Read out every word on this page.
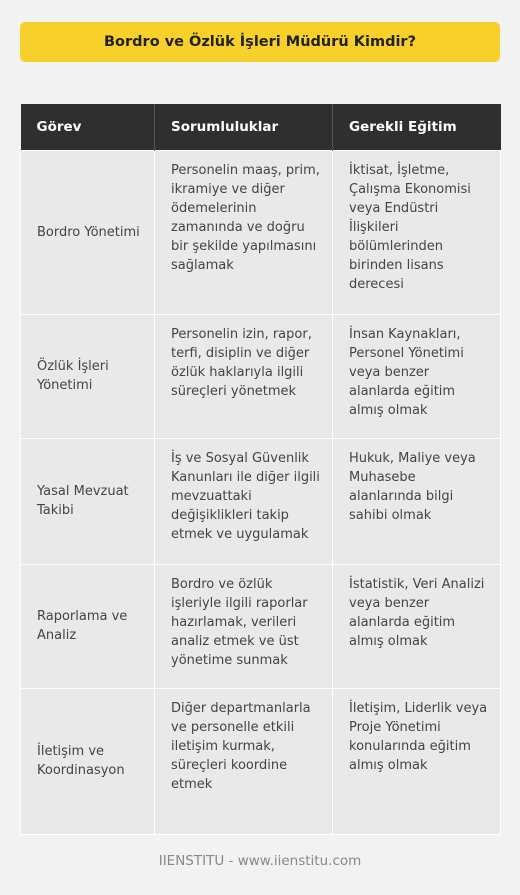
Bordro ve Özlük İşleri Müdürü Kimdir?
Görev	Sorumluluklar	Gerekli Eğitim
Bordro Yönetimi	Personelin maaş, prim, ikramiye ve diğer ödemelerinin zamanında ve doğru bir şekilde yapılmasını sağlamak	İktisat, İşletme, Çalışma Ekonomisi veya Endüstri İlişkileri bölümlerinden birinden lisans derecesi
Özlük İşleri Yönetimi	Personelin izin, rapor, terfi, disiplin ve diğer özlük haklarıyla ilgili süreçleri yönetmek	İnsan Kaynakları, Personel Yönetimi veya benzer alanlarda eğitim almış olmak
Yasal Mevzuat Takibi	İş ve Sosyal Güvenlik Kanunları ile diğer ilgili mevzuattaki değişiklikleri takip etmek ve uygulamak	Hukuk, Maliye veya Muhasebe alanlarında bilgi sahibi olmak
Raporlama ve Analiz	Bordro ve özlük işleriyle ilgili raporlar hazırlamak, verileri analiz etmek ve üst yönetime sunmak	İstatistik, Veri Analizi veya benzer alanlarda eğitim almış olmak
İletişim ve Koordinasyon	Diğer departmanlarla ve personelle etkili iletişim kurmak, süreçleri koordine etmek	İletişim, Liderlik veya Proje Yönetimi konularında eğitim almış olmak
IIENSTITU - www.iienstitu.com
